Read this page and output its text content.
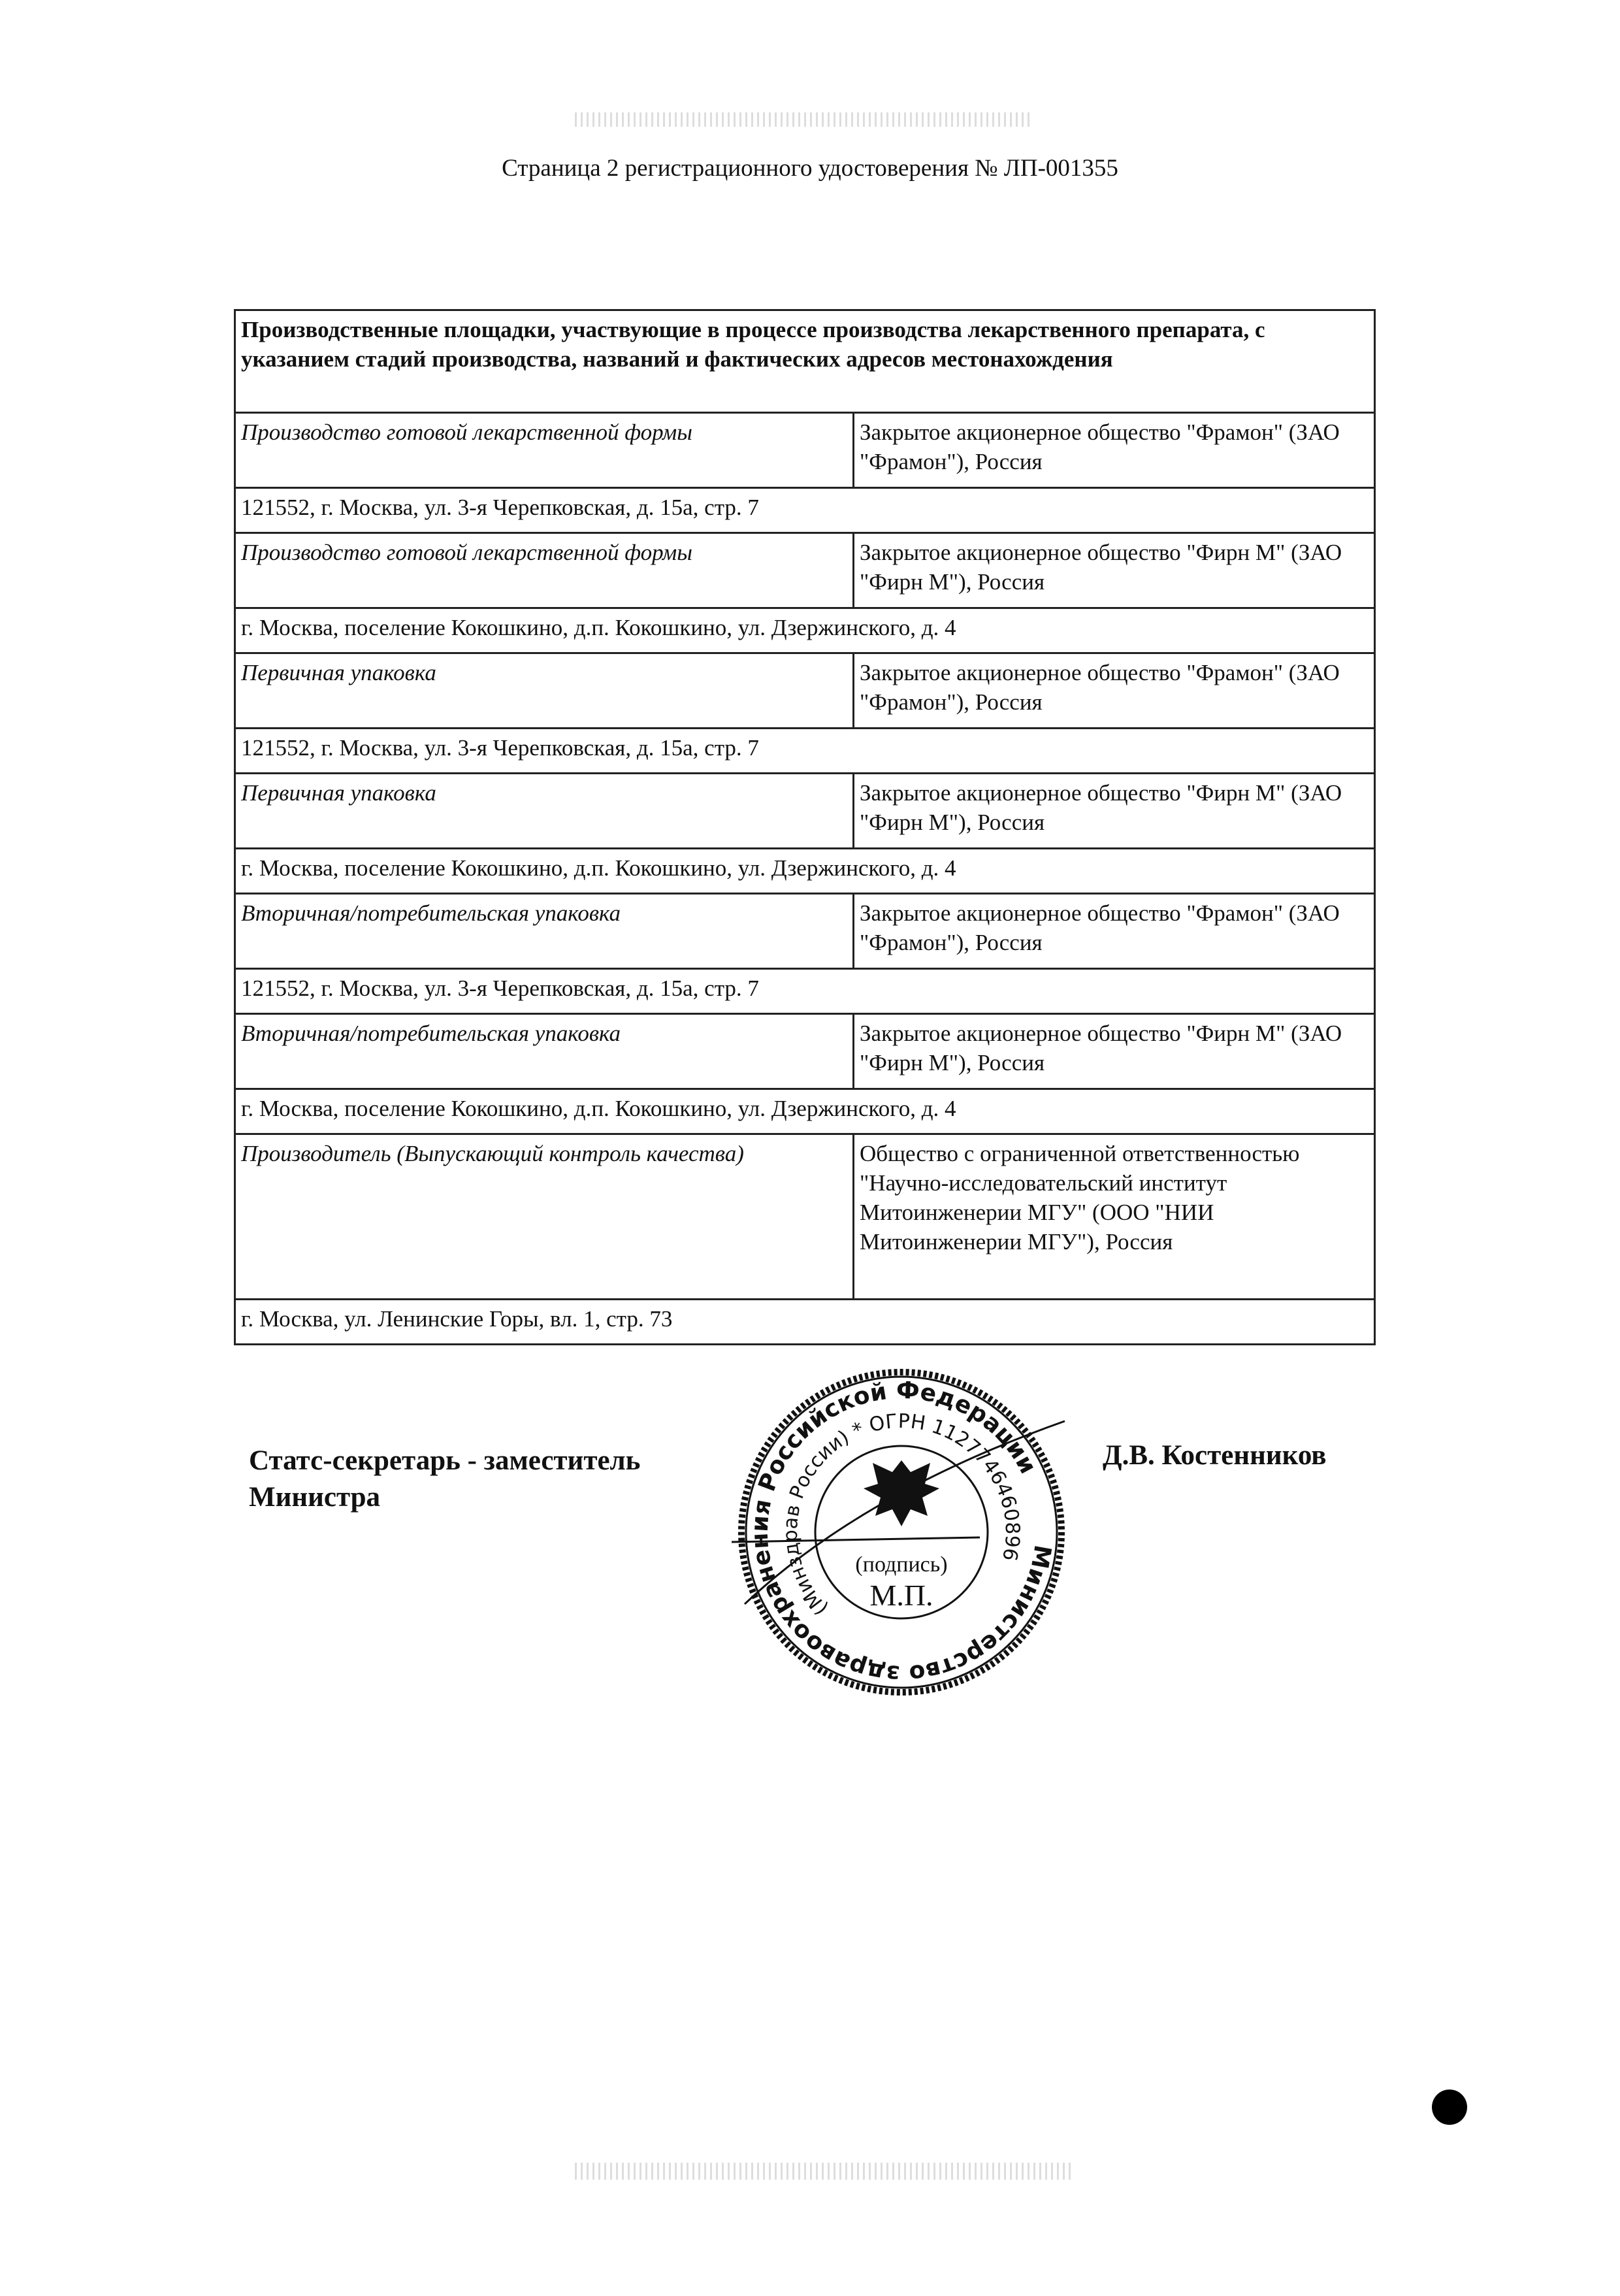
Страница 2 регистрационного удостоверения № ЛП-001355
Производственные площадки, участвующие в процессе производства лекарственного препарата, с указанием стадий производства, названий и фактических адресов местонахождения	
Производство готовой лекарственной формы	Закрытое акционерное общество "Фрамон" (ЗАО "Фрамон"), Россия
121552, г. Москва, ул. 3-я Черепковская, д. 15а, стр. 7	
Производство готовой лекарственной формы	Закрытое акционерное общество "Фирн М" (ЗАО "Фирн М"), Россия
г. Москва, поселение Кокошкино, д.п. Кокошкино, ул. Дзержинского, д. 4	
Первичная упаковка	Закрытое акционерное общество "Фрамон" (ЗАО "Фрамон"), Россия
121552, г. Москва, ул. 3-я Черепковская, д. 15а, стр. 7	
Первичная упаковка	Закрытое акционерное общество "Фирн М" (ЗАО "Фирн М"), Россия
г. Москва, поселение Кокошкино, д.п. Кокошкино, ул. Дзержинского, д. 4	
Вторичная/потребительская упаковка	Закрытое акционерное общество "Фрамон" (ЗАО "Фрамон"), Россия
121552, г. Москва, ул. 3-я Черепковская, д. 15а, стр. 7	
Вторичная/потребительская упаковка	Закрытое акционерное общество "Фирн М" (ЗАО "Фирн М"), Россия
г. Москва, поселение Кокошкино, д.п. Кокошкино, ул. Дзержинского, д. 4	
Производитель (Выпускающий контроль качества)	Общество с ограниченной ответственностью "Научно-исследовательский институт Митоинженерии МГУ" (ООО "НИИ Митоинженерии МГУ"), Россия
г. Москва, ул. Ленинские Горы, вл. 1, стр. 73	
Статс-секретарь - заместитель
Министра
Д.В. Костенников
Министерство здравоохранения Российской Федерации
(Минздрав России) * ОГРН 1127746460896
(подпись)
М.П.
